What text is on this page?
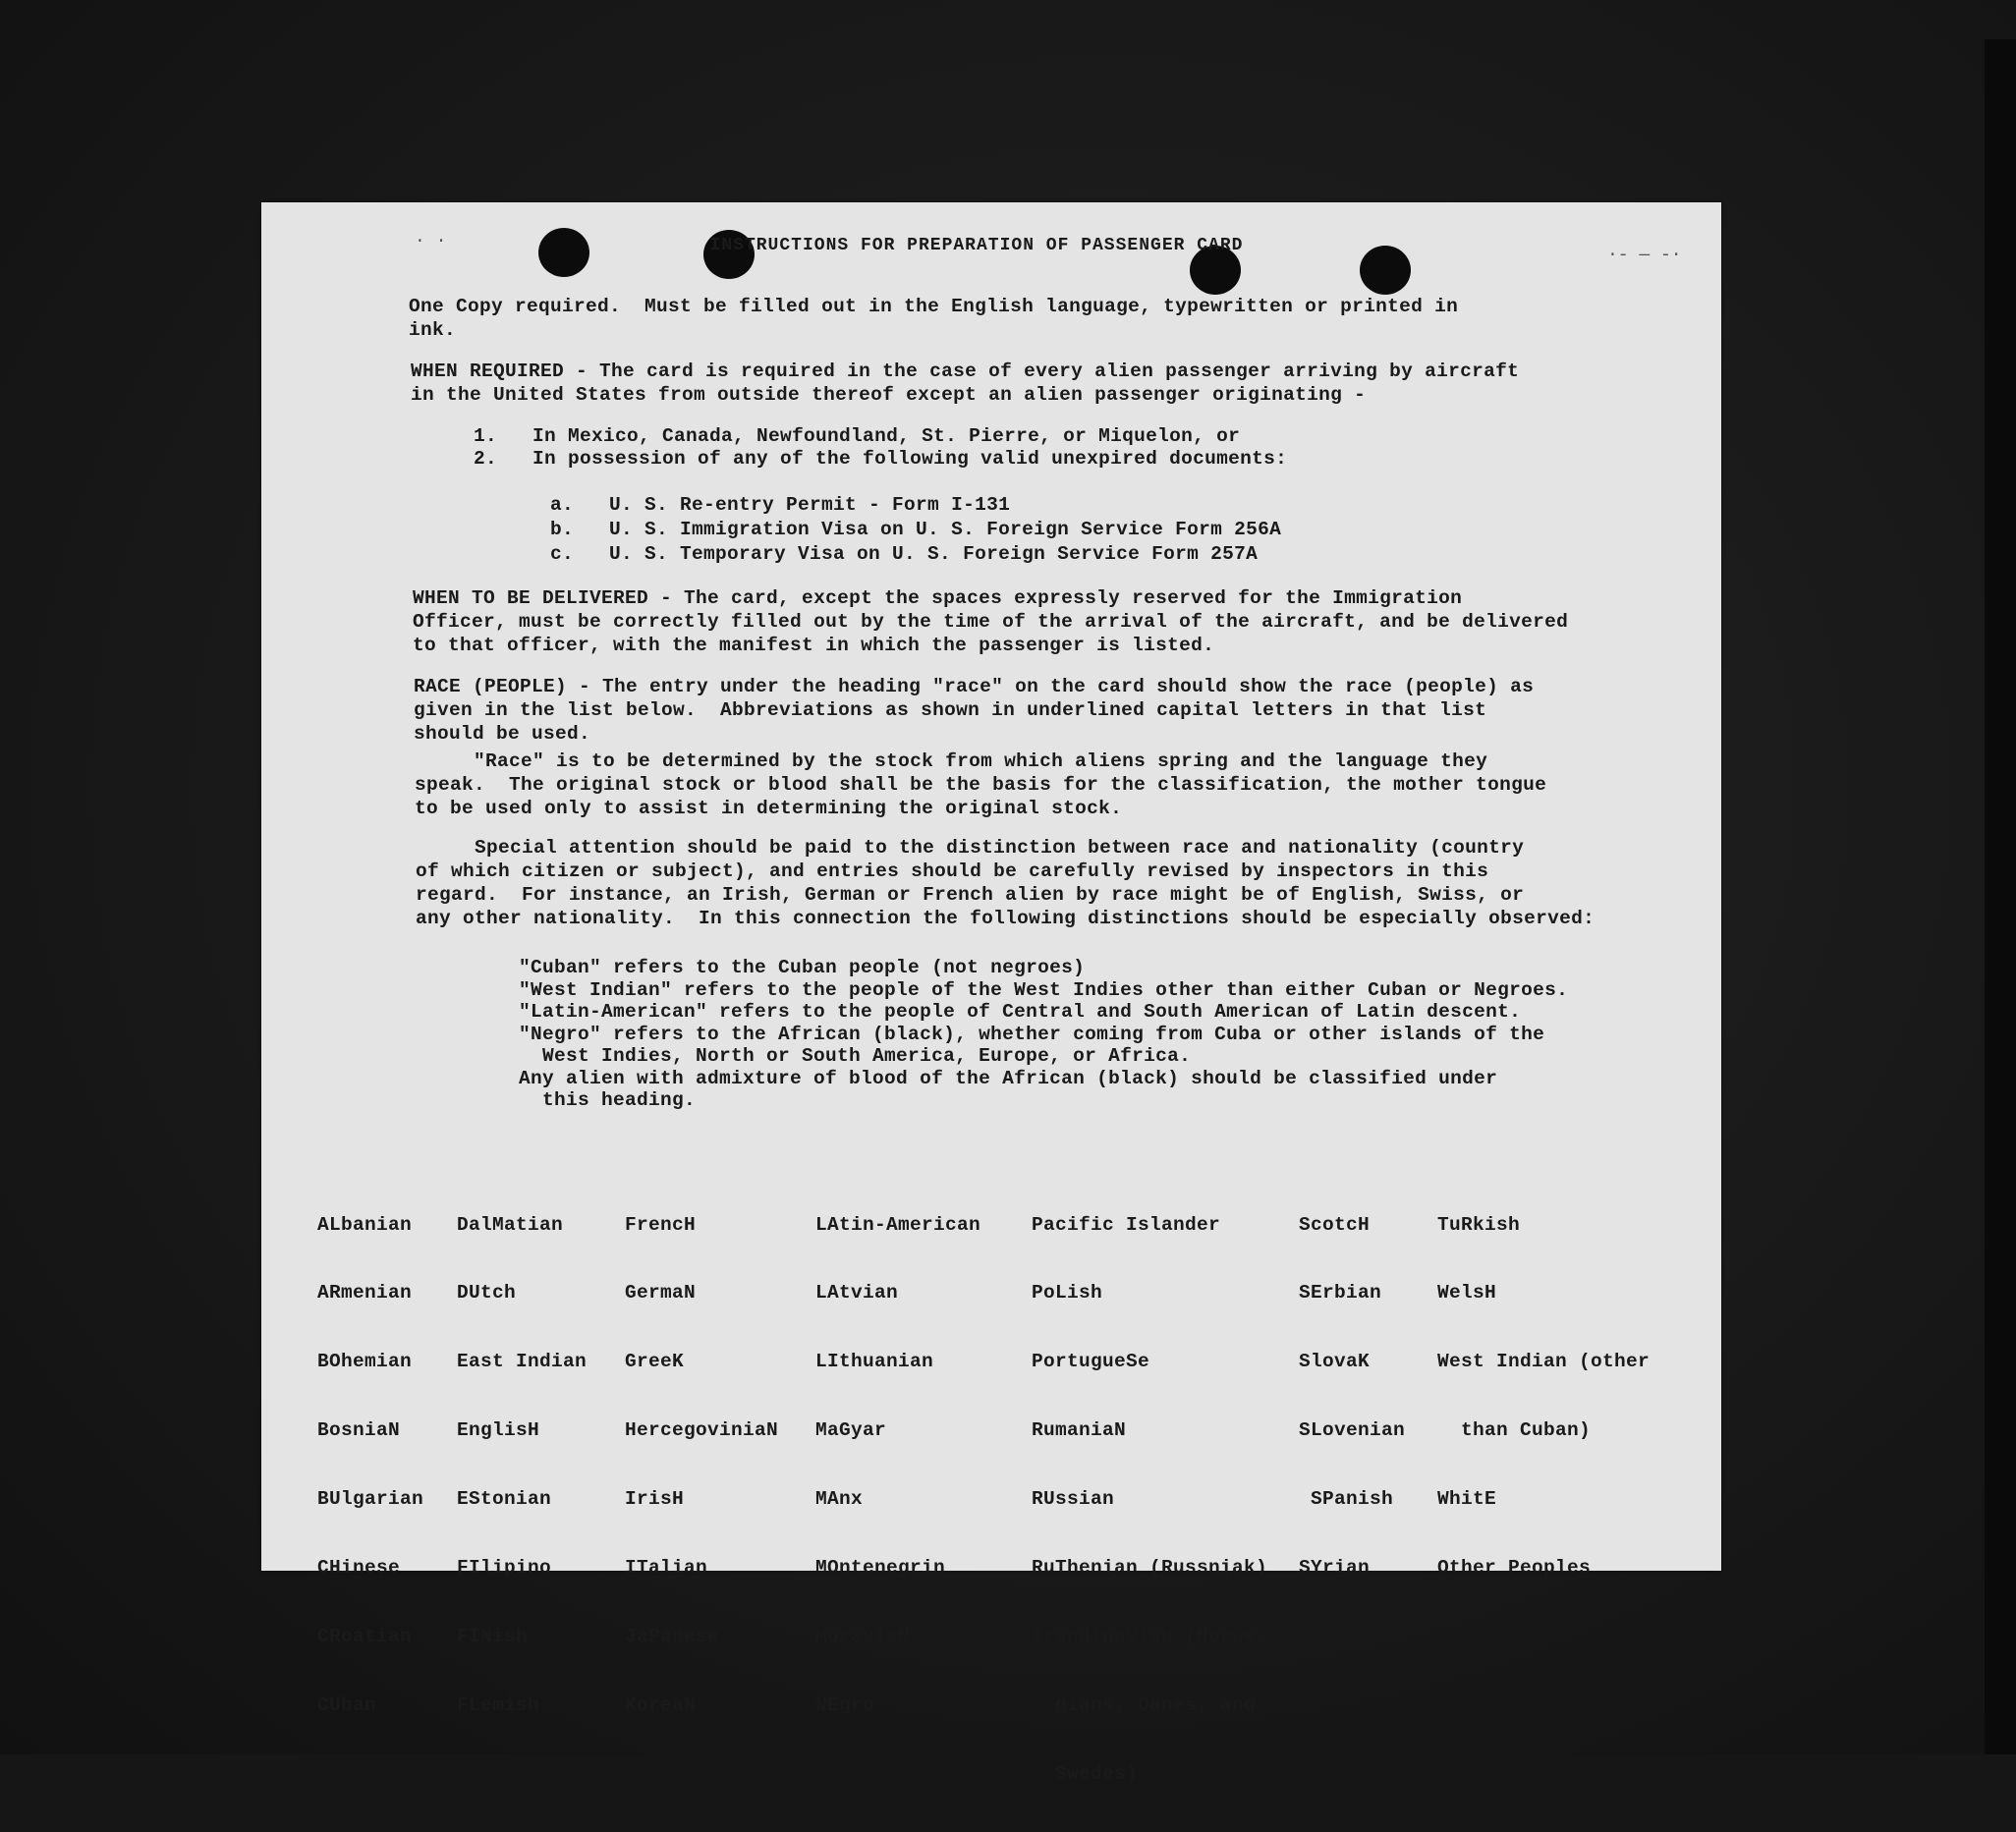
· ·
·- — -·
INSTRUCTIONS FOR PREPARATION OF PASSENGER CARD
One Copy required.  Must be filled out in the English language, typewritten or printed in
ink.
WHEN REQUIRED - The card is required in the case of every alien passenger arriving by aircraft
in the United States from outside thereof except an alien passenger originating -
1.   In Mexico, Canada, Newfoundland, St. Pierre, or Miquelon, or
2.   In possession of any of the following valid unexpired documents:
a.   U. S. Re-entry Permit - Form I-131
b.   U. S. Immigration Visa on U. S. Foreign Service Form 256A
c.   U. S. Temporary Visa on U. S. Foreign Service Form 257A
WHEN TO BE DELIVERED - The card, except the spaces expressly reserved for the Immigration
Officer, must be correctly filled out by the time of the arrival of the aircraft, and be delivered
to that officer, with the manifest in which the passenger is listed.
RACE (PEOPLE) - The entry under the heading "race" on the card should show the race (people) as
given in the list below.  Abbreviations as shown in underlined capital letters in that list
should be used.
"Race" is to be determined by the stock from which aliens spring and the language they
speak.  The original stock or blood shall be the basis for the classification, the mother tongue
to be used only to assist in determining the original stock.
Special attention should be paid to the distinction between race and nationality (country
of which citizen or subject), and entries should be carefully revised by inspectors in this
regard.  For instance, an Irish, German or French alien by race might be of English, Swiss, or
any other nationality.  In this connection the following distinctions should be especially observed:
"Cuban" refers to the Cuban people (not negroes)
"West Indian" refers to the people of the West Indies other than either Cuban or Negroes.
"Latin-American" refers to the people of Central and South American of Latin descent.
"Negro" refers to the African (black), whether coming from Cuba or other islands of the
West Indies, North or South America, Europe, or Africa.
Any alien with admixture of blood of the African (black) should be classified under
this heading.

ALbanian

ARmenian

BOhemian

BosniaN

BUlgarian

CHinese

CRoatian

CUban

DalMatian

DUtch

East Indian

EnglisH

EStonian

FIlipino

FINish

FLemish

FrencH

GermaN

GreeK

HercegoviniaN

IrisH

ITalian

JaPanese

KoreaN

LAtin-American

LAtvian

LIthuanian

MaGyar

MAnx

MOntenegrin

MoraviaN

NEgro

Pacific Islander

PoLish

PortugueSe

RumaniaN

RUssian

RuThenian (Russniak)

ScandinaviaN (Norwe-

gians, Danes, and

Swedes)

ScotcH

SErbian

SlovaK

SLovenian

SPanish

SYrian

TuRkish

WelsH

West Indian (other

than Cuban)

WhitE

Other Peoples
